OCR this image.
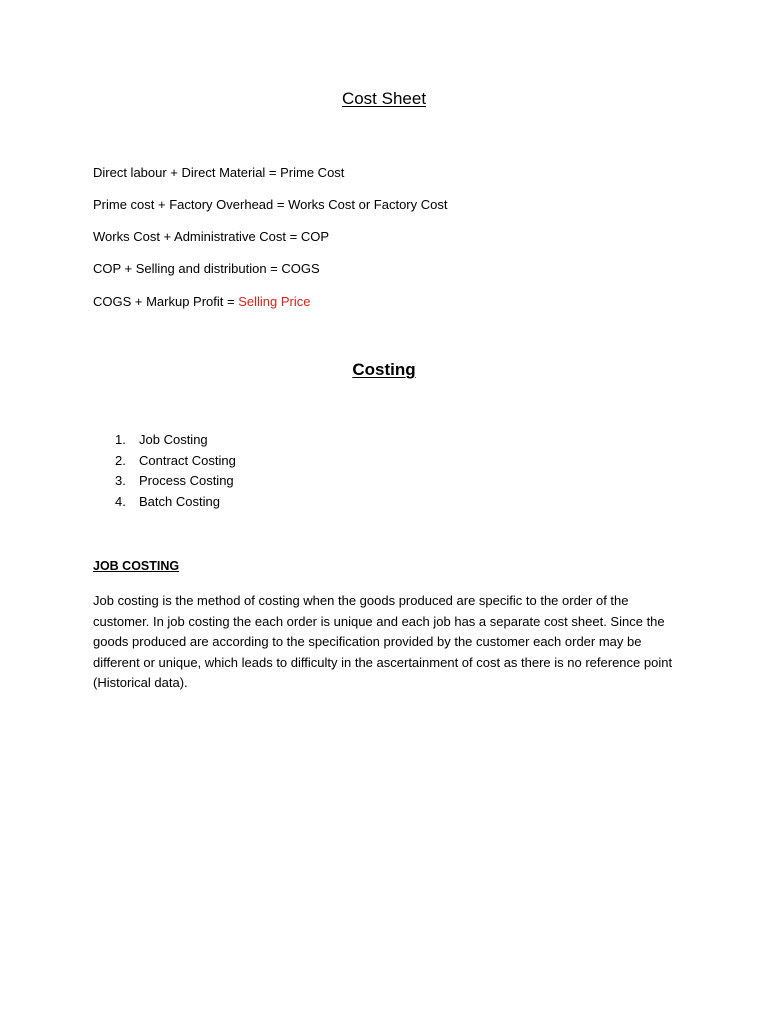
Cost Sheet

Direct labour + Direct Material = Prime Cost

Prime cost + Factory Overhead = Works Cost or Factory Cost

Works Cost + Administrative Cost = COP

COP + Selling and distribution = COGS

COGS + Markup Profit = Selling Price

Costing
1. Job Costing
2. Contract Costing
3. Process Costing
4. Batch Costing
JOB COSTING

Job costing is the method of costing when the goods produced are specific to the order of the customer. In job costing the each order is unique and each job has a separate cost sheet. Since the goods produced are according to the specification provided by the customer each order may be different or unique, which leads to difficulty in the ascertainment of cost as there is no reference point (Historical data).
